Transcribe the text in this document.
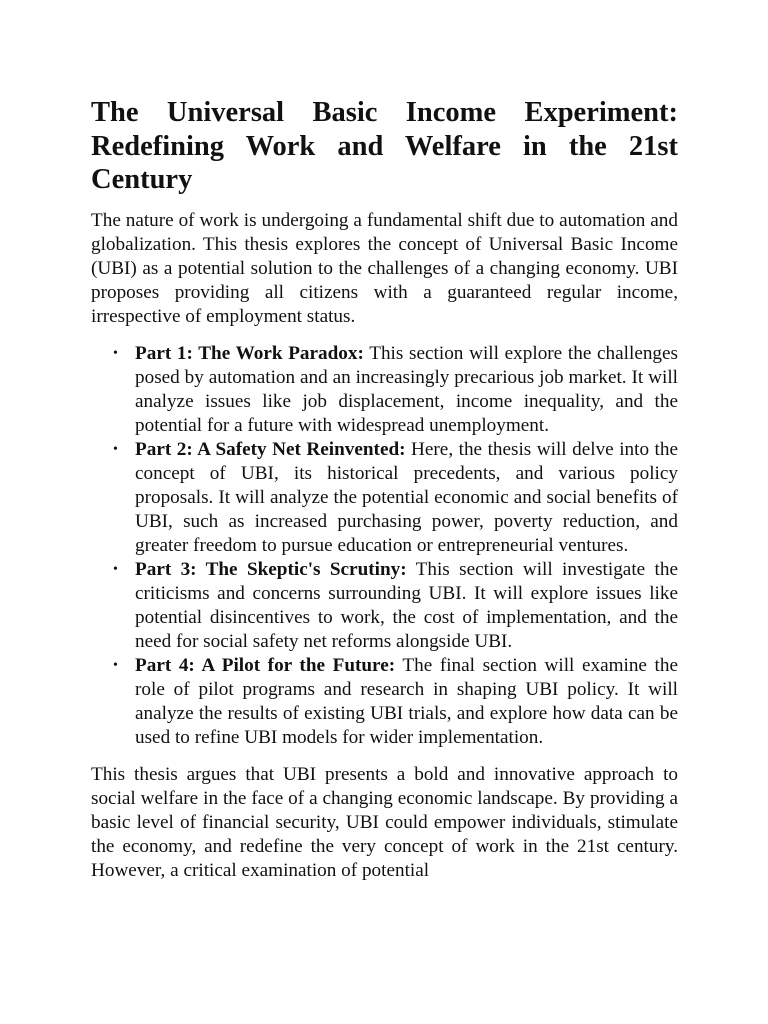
The Universal Basic Income Experiment: Redefining Work and Welfare in the 21st Century

The nature of work is undergoing a fundamental shift due to automation and globalization. This thesis explores the concept of Universal Basic Income (UBI) as a potential solution to the challenges of a changing economy. UBI proposes providing all citizens with a guaranteed regular income, irrespective of employment status.

• Part 1: The Work Paradox: This section will explore the challenges posed by automation and an increasingly precarious job market. It will analyze issues like job displacement, income inequality, and the potential for a future with widespread unemployment.
• Part 2: A Safety Net Reinvented: Here, the thesis will delve into the concept of UBI, its historical precedents, and various policy proposals. It will analyze the potential economic and social benefits of UBI, such as increased purchasing power, poverty reduction, and greater freedom to pursue education or entrepreneurial ventures.
• Part 3: The Skeptic's Scrutiny: This section will investigate the criticisms and concerns surrounding UBI. It will explore issues like potential disincentives to work, the cost of implementation, and the need for social safety net reforms alongside UBI.
• Part 4: A Pilot for the Future: The final section will examine the role of pilot programs and research in shaping UBI policy. It will analyze the results of existing UBI trials, and explore how data can be used to refine UBI models for wider implementation.

This thesis argues that UBI presents a bold and innovative approach to social welfare in the face of a changing economic landscape. By providing a basic level of financial security, UBI could empower individuals, stimulate the economy, and redefine the very concept of work in the 21st century. However, a critical examination of potential
